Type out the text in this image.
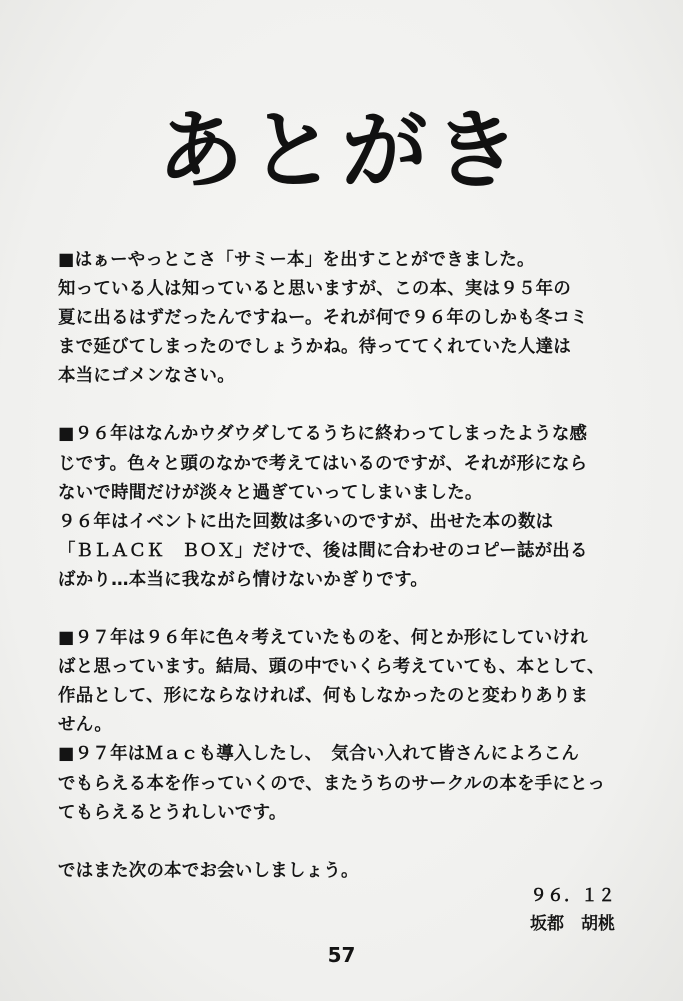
あとがき
■はぁーやっとこさ「サミー本」を出すことができました。
知っている人は知っていると思いますが、この本、実は９５年の
夏に出るはずだったんですねー。それが何で９６年のしかも冬コミ
まで延びてしまったのでしょうかね。待っててくれていた人達は
本当にゴメンなさい。
■９６年はなんかウダウダしてるうちに終わってしまったような感
じです。色々と頭のなかで考えてはいるのですが、それが形になら
ないで時間だけが淡々と過ぎていってしまいました。
９６年はイベントに出た回数は多いのですが、出せた本の数は
「ＢＬＡＣＫ　ＢＯＸ」だけで、後は間に合わせのコピー誌が出る
ばかり…本当に我ながら情けないかぎりです。
■９７年は９６年に色々考えていたものを、何とか形にしていけれ
ばと思っています。結局、頭の中でいくら考えていても、本として、
作品として、形にならなければ、何もしなかったのと変わりありま
せん。
■９７年はＭａｃも導入したし、　気合い入れて皆さんによろこん
でもらえる本を作っていくので、またうちのサークルの本を手にとっ
てもらえるとうれしいです。
ではまた次の本でお会いしましょう。
９６．１２
坂都　胡桃
57
